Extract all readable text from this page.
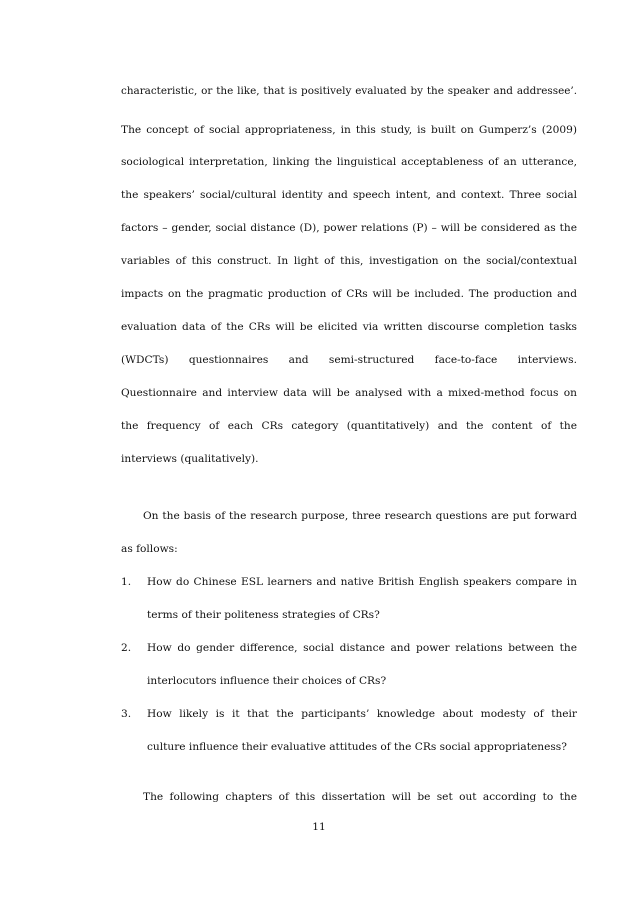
characteristic, or the like, that is positively evaluated by the speaker and addressee’.
The concept of social appropriateness, in this study, is built on Gumperz’s (2009)
sociological interpretation, linking the linguistical acceptableness of an utterance,
the speakers’ social/cultural identity and speech intent, and context. Three social
factors – gender, social distance (D), power relations (P) – will be considered as the
variables of this construct. In light of this, investigation on the social/contextual
impacts on the pragmatic production of CRs will be included. The production and
evaluation data of the CRs will be elicited via written discourse completion tasks
(WDCTs) questionnaires and semi-structured face-to-face interviews.
Questionnaire and interview data will be analysed with a mixed-method focus on
the frequency of each CRs category (quantitatively) and the content of the
interviews (qualitatively).
On the basis of the research purpose, three research questions are put forward
as follows:
1.	How do Chinese ESL learners and native British English speakers compare in
terms of their politeness strategies of CRs?
2.	How do gender difference, social distance and power relations between the
interlocutors influence their choices of CRs?
3.	How likely is it that the participants’ knowledge about modesty of their
culture influence their evaluative attitudes of the CRs social appropriateness?
The following chapters of this dissertation will be set out according to the
11
